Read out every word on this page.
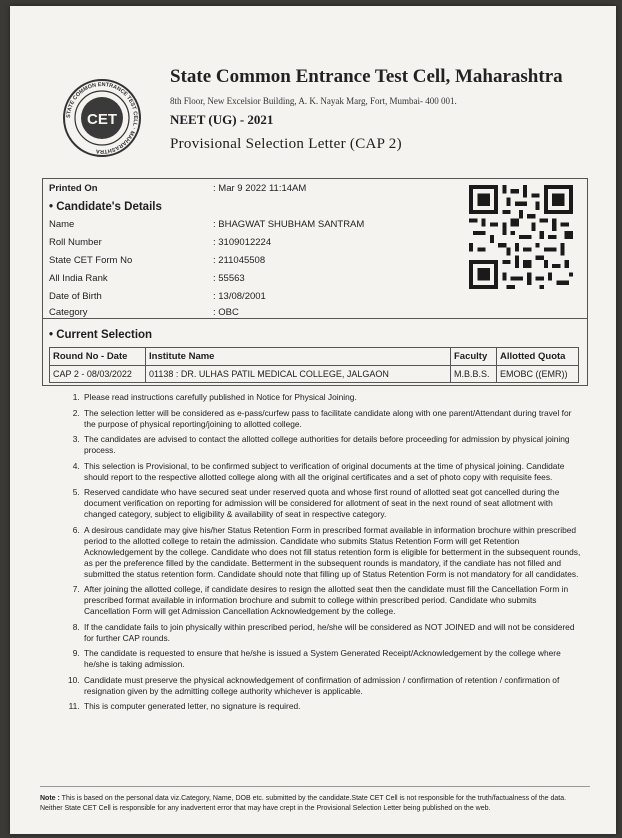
CET
STATE COMMON ENTRANCE TEST CELL · MAHARASHTRA
State Common Entrance Test Cell, Maharashtra
8th Floor, New Excelsior Building, A. K. Nayak Marg, Fort, Mumbai- 400 001.
NEET (UG) - 2021
Provisional Selection Letter (CAP 2)
Printed On	: Mar 9 2022 11:14AM
• Candidate's Details
Name	: BHAGWAT SHUBHAM SANTRAM
Roll Number	: 3109012224
State CET Form No	: 211045508
All India Rank	: 55563
Date of Birth	: 13/08/2001
Category	: OBC
• Current Selection
Round No - Date	Institute Name	Faculty	Allotted Quota
CAP 2 - 08/03/2022	01138 : DR. ULHAS PATIL MEDICAL COLLEGE, JALGAON	M.B.B.S.	EMOBC ((EMR))
1. Please read instructions carefully published in Notice for Physical Joining.
2. The selection letter will be considered as e-pass/curfew pass to facilitate candidate along with one parent/Attendant during travel for the purpose of physical reporting/joining to allotted college.
3. The candidates are advised to contact the allotted college authorities for details before proceeding for admission by physical joining process.
4. This selection is Provisional, to be confirmed subject to verification of original documents at the time of physical joining. Candidate should report to the respective allotted college along with all the original certificates and a set of photo copy with requisite fees.
5. Reserved candidate who have secured seat under reserved quota and whose first round of allotted seat got cancelled during the document verification on reporting for admission will be considered for allotment of seat in the next round of seat allotment with changed category, subject to eligibility & availability of seat in respective category.
6. A desirous candidate may give his/her Status Retention Form in prescribed format available in information brochure within prescribed period to the allotted college to retain the admission. Candidate who submits Status Retention Form will get Retention Acknowledgement by the college. Candidate who does not fill status retention form is eligible for betterment in the subsequent rounds, as per the preference filled by the candidate. Betterment in the subsequent rounds is mandatory, if the candiate has not filled and submitted the status retention form. Candidate should note that filling up of Status Retention Form is not mandatory for all candidates.
7. After joining the allotted college, if candidate desires to resign the allotted seat then the candidate must fill the Cancellation Form in prescribed format available in information brochure and submit to college within prescribed period. Candidate who submits Cancellation Form will get Admission Cancellation Acknowledgement by the college.
8. If the candidate fails to join physically within prescribed period, he/she will be considered as NOT JOINED and will not be considered for further CAP rounds.
9. The candidate is requested to ensure that he/she is issued a System Generated Receipt/Acknowledgement by the college where he/she is taking admission.
10. Candidate must preserve the physical acknowledgement of confirmation of admission / confirmation of retention / confirmation of resignation given by the admitting college authority whichever is applicable.
11. This is computer generated letter, no signature is required.
Note : This is based on the personal data viz.Category, Name, DOB etc. submitted by the candidate.State CET Cell is not responsible for the truth/factualness of the data. Neither State CET Cell is responsible for any inadvertent error that may have crept in the Provisional Selection Letter being published on the web.
